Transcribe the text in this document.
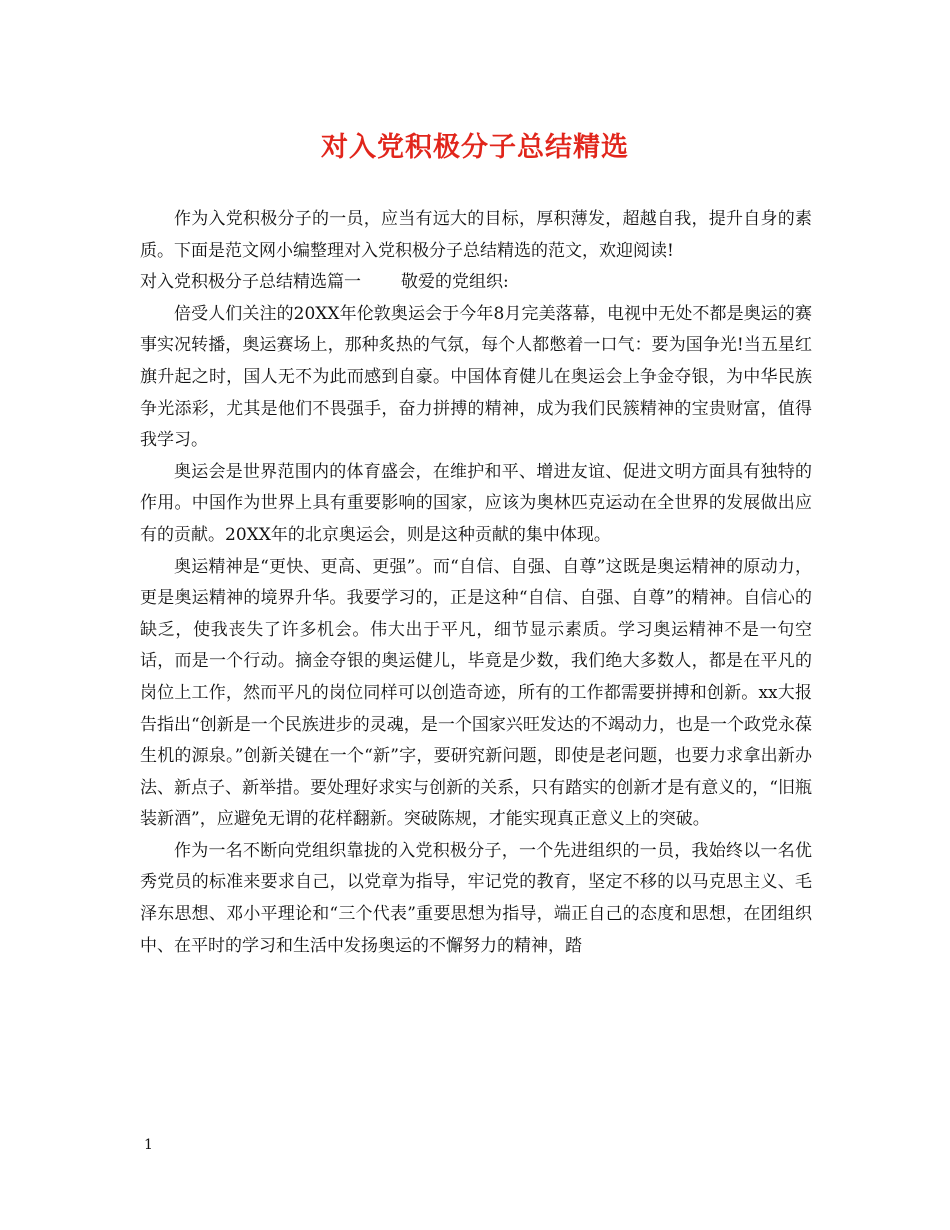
对入党积极分子总结精选

作为入党积极分子的一员，应当有远大的目标，厚积薄发，超越自我，提升自身的素质。下面是范文网小编整理对入党积极分子总结精选的范文，欢迎阅读!

对入党积极分子总结精选篇一 敬爱的党组织:

倍受人们关注的20XX年伦敦奥运会于今年8月完美落幕，电视中无处不都是奥运的赛事实况转播，奥运赛场上，那种炙热的气氛，每个人都憋着一口气：要为国争光!当五星红旗升起之时，国人无不为此而感到自豪。中国体育健儿在奥运会上争金夺银，为中华民族争光添彩，尤其是他们不畏强手，奋力拼搏的精神，成为我们民簇精神的宝贵财富，值得我学习。

奥运会是世界范围内的体育盛会，在维护和平、增进友谊、促进文明方面具有独特的作用。中国作为世界上具有重要影响的国家，应该为奥林匹克运动在全世界的发展做出应有的贡献。20XX年的北京奥运会，则是这种贡献的集中体现。

奥运精神是“更快、更高、更强”。而“自信、自强、自尊”这既是奥运精神的原动力，更是奥运精神的境界升华。我要学习的，正是这种“自信、自强、自尊”的精神。自信心的缺乏，使我丧失了许多机会。伟大出于平凡，细节显示素质。学习奥运精神不是一句空话，而是一个行动。摘金夺银的奥运健儿，毕竟是少数，我们绝大多数人，都是在平凡的岗位上工作，然而平凡的岗位同样可以创造奇迹，所有的工作都需要拼搏和创新。xx大报告指出“创新是一个民族进步的灵魂，是一个国家兴旺发达的不竭动力，也是一个政党永葆生机的源泉。”创新关键在一个“新”字，要研究新问题，即使是老问题，也要力求拿出新办法、新点子、新举措。要处理好求实与创新的关系，只有踏实的创新才是有意义的，“旧瓶装新酒”，应避免无谓的花样翻新。突破陈规，才能实现真正意义上的突破。

作为一名不断向党组织靠拢的入党积极分子，一个先进组织的一员，我始终以一名优秀党员的标准来要求自己，以党章为指导，牢记党的教育，坚定不移的以马克思主义、毛泽东思想、邓小平理论和“三个代表”重要思想为指导，端正自己的态度和思想，在团组织中、在平时的学习和生活中发扬奥运的不懈努力的精神，踏

1
